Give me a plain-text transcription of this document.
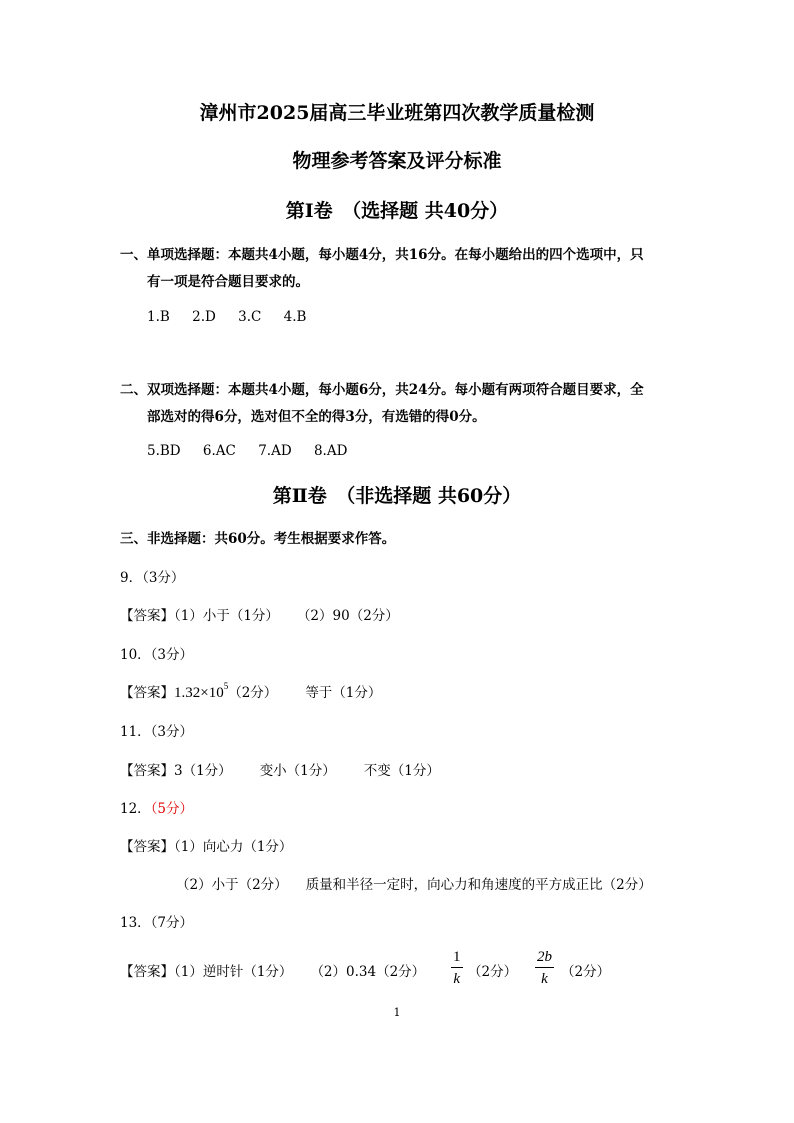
漳州市2025届高三毕业班第四次教学质量检测
物理参考答案及评分标准
第Ⅰ卷　（选择题 共40分）
一、单项选择题：本题共4小题，每小题4分，共16分。在每小题给出的四个选项中，只
有一项是符合题目要求的。
1.B 2.D 3.C 4.B
二、双项选择题：本题共4小题，每小题6分，共24分。每小题有两项符合题目要求，全
部选对的得6分，选对但不全的得3分，有选错的得0分。
5.BD 6.AC 7.AD 8.AD
第Ⅱ卷　（非选择题 共60分）
三、非选择题：共60分。考生根据要求作答。
9．（3分）
【答案】（1）小于（1分） （2）90（2分）
10．（3分）
【答案】$1.32\times 10^5(2$分） 等于（1分）
11．（3分）
【答案】3（1分） 变小（1分） 不变（1分）
12．（5分）
【答案】（1）向心力（1分）
（2）小于（2分） 质量和半径一定时，向心力和角速度的平方成正比（2分）
13．（7分）
【答案】（1）逆时针（1分） （2）0.34（2分） $\frac{1}{k} (2$分） $\frac{2b}{k} (2$分）
1
